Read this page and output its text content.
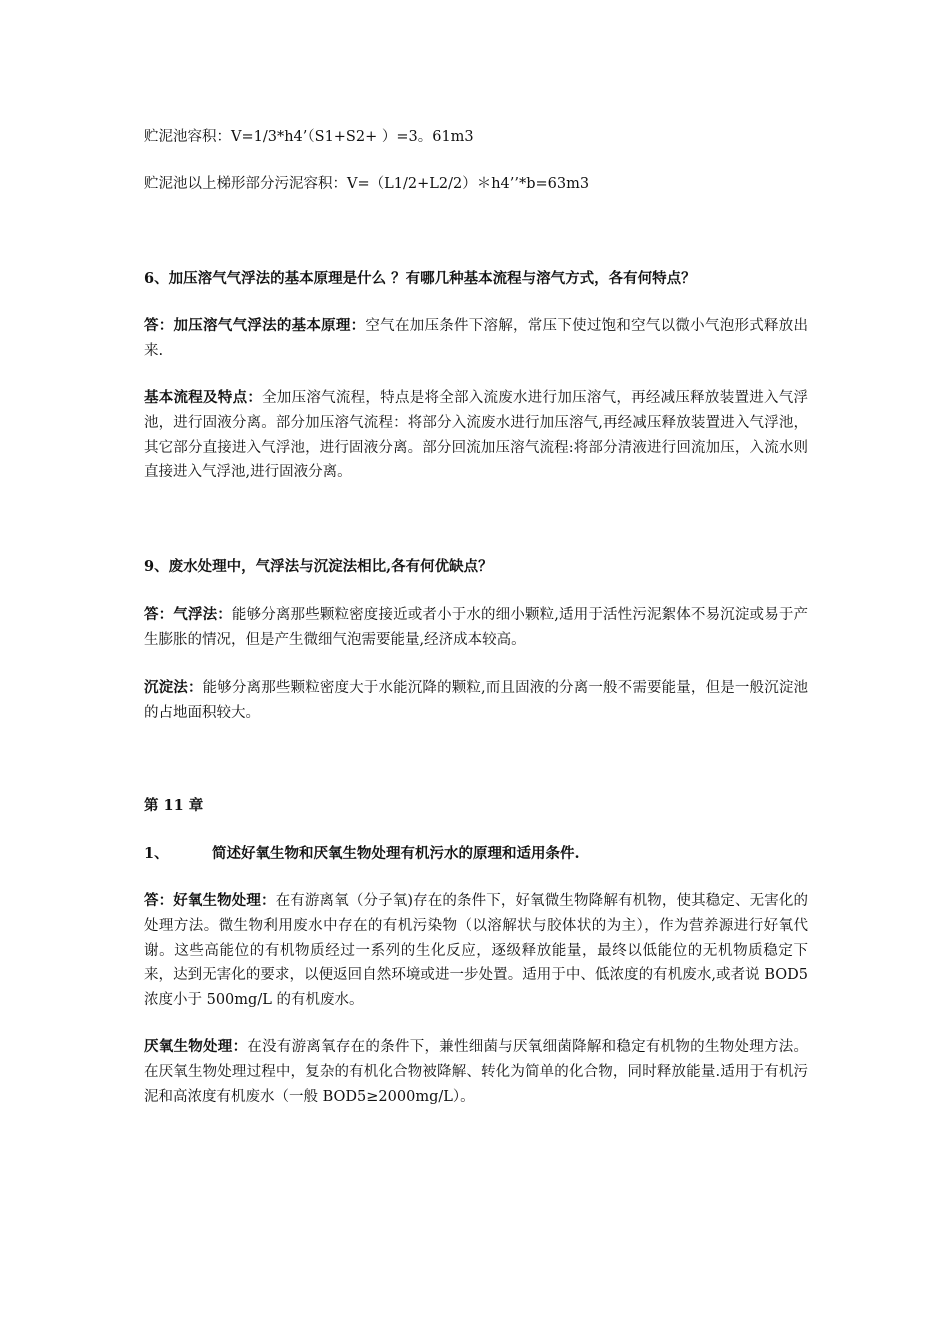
贮泥池容积：V=1/3*h4’（S1+S2+ ）=3。61m3
贮泥池以上梯形部分污泥容积：V=（L1/2+L2/2）＊h4’’*b=63m3
6、加压溶气气浮法的基本原理是什么 ？有哪几种基本流程与溶气方式，各有何特点？
答：加压溶气气浮法的基本原理：空气在加压条件下溶解，常压下使过饱和空气以微小气泡形式释放出来.
基本流程及特点：全加压溶气流程，特点是将全部入流废水进行加压溶气，再经减压释放装置进入气浮池，进行固液分离。部分加压溶气流程：将部分入流废水进行加压溶气,再经减压释放装置进入气浮池，其它部分直接进入气浮池，进行固液分离。部分回流加压溶气流程:将部分清液进行回流加压，入流水则直接进入气浮池,进行固液分离。
9、废水处理中，气浮法与沉淀法相比,各有何优缺点？
答：气浮法：能够分离那些颗粒密度接近或者小于水的细小颗粒,适用于活性污泥絮体不易沉淀或易于产生膨胀的情况，但是产生微细气泡需要能量,经济成本较高。
沉淀法：能够分离那些颗粒密度大于水能沉降的颗粒,而且固液的分离一般不需要能量，但是一般沉淀池的占地面积较大。
第 11 章
1、	简述好氧生物和厌氧生物处理有机污水的原理和适用条件.
答：好氧生物处理：在有游离氧（分子氧)存在的条件下，好氧微生物降解有机物，使其稳定、无害化的处理方法。微生物利用废水中存在的有机污染物（以溶解状与胶体状的为主），作为营养源进行好氧代谢。这些高能位的有机物质经过一系列的生化反应，逐级释放能量，最终以低能位的无机物质稳定下来，达到无害化的要求，以便返回自然环境或进一步处置。适用于中、低浓度的有机废水,或者说 BOD5 浓度小于 500mg/L 的有机废水。
厌氧生物处理：在没有游离氧存在的条件下，兼性细菌与厌氧细菌降解和稳定有机物的生物处理方法。在厌氧生物处理过程中，复杂的有机化合物被降解、转化为简单的化合物，同时释放能量.适用于有机污泥和高浓度有机废水（一般 BOD5≥2000mg/L）。
